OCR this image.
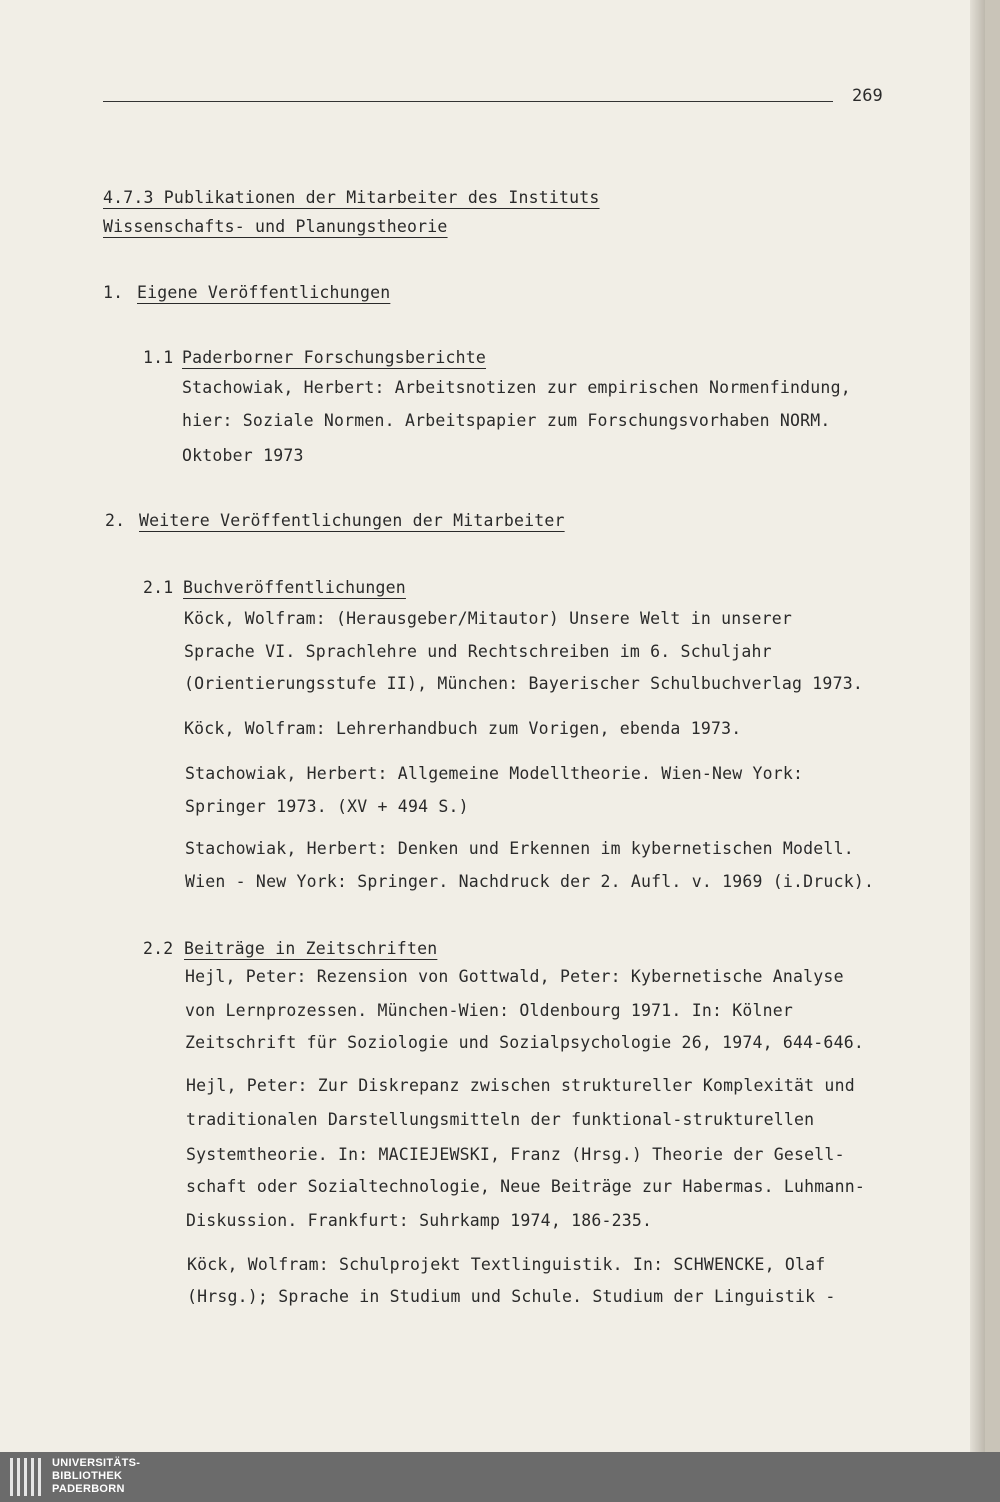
269
4.7.3 Publikationen der Mitarbeiter des Instituts
Wissenschafts- und Planungstheorie
1. Eigene Veröffentlichungen
1.1 Paderborner Forschungsberichte
Stachowiak, Herbert: Arbeitsnotizen zur empirischen Normenfindung,
hier: Soziale Normen. Arbeitspapier zum Forschungsvorhaben NORM.
Oktober 1973
2. Weitere Veröffentlichungen der Mitarbeiter
2.1 Buchveröffentlichungen
Köck, Wolfram: (Herausgeber/Mitautor) Unsere Welt in unserer
Sprache VI. Sprachlehre und Rechtschreiben im 6. Schuljahr
(Orientierungsstufe II), München: Bayerischer Schulbuchverlag 1973.
Köck, Wolfram: Lehrerhandbuch zum Vorigen, ebenda 1973.
Stachowiak, Herbert: Allgemeine Modelltheorie. Wien-New York:
Springer 1973. (XV + 494 S.)
Stachowiak, Herbert: Denken und Erkennen im kybernetischen Modell.
Wien - New York: Springer. Nachdruck der 2. Aufl. v. 1969 (i.Druck).
2.2 Beiträge in Zeitschriften
Hejl, Peter: Rezension von Gottwald, Peter: Kybernetische Analyse
von Lernprozessen. München-Wien: Oldenbourg 1971. In: Kölner
Zeitschrift für Soziologie und Sozialpsychologie 26, 1974, 644-646.
Hejl, Peter: Zur Diskrepanz zwischen struktureller Komplexität und
traditionalen Darstellungsmitteln der funktional-strukturellen
Systemtheorie. In: MACIEJEWSKI, Franz (Hrsg.) Theorie der Gesell-
schaft oder Sozialtechnologie, Neue Beiträge zur Habermas. Luhmann-
Diskussion. Frankfurt: Suhrkamp 1974, 186-235.
Köck, Wolfram: Schulprojekt Textlinguistik. In: SCHWENCKE, Olaf
(Hrsg.); Sprache in Studium und Schule. Studium der Linguistik -
UNIVERSITÄTS-
BIBLIOTHEK
PADERBORN
